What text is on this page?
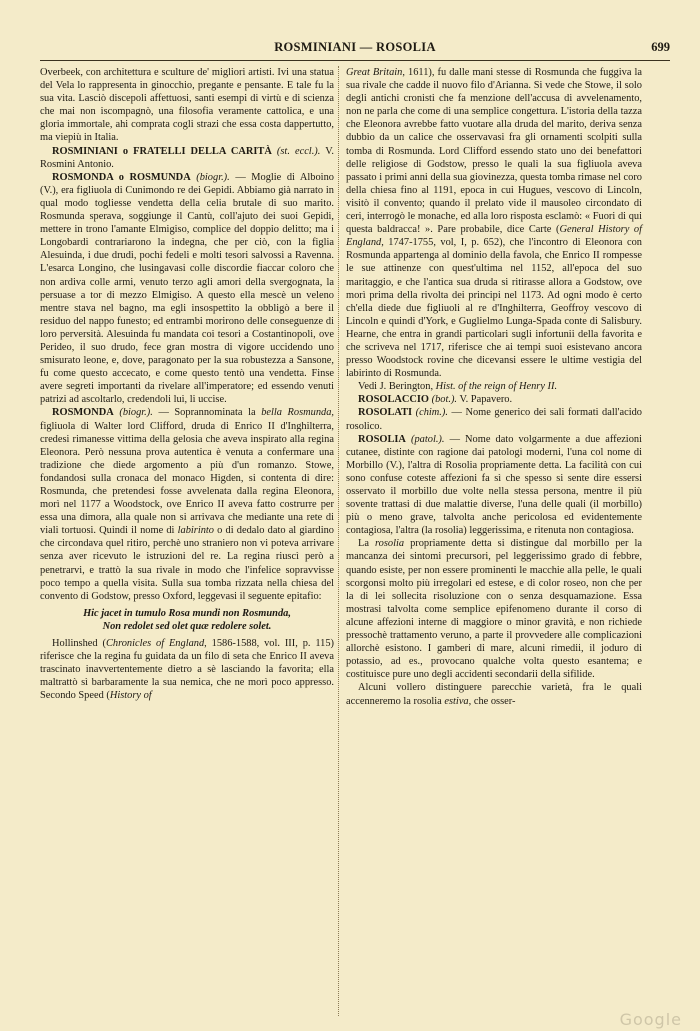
ROSMINIANI — ROSOLIA	699

Overbeek, con architettura e sculture de' migliori artisti. Ivi una statua del Vela lo rappresenta in ginocchio, pregante e pensante. E tale fu la sua vita. Lasciò discepoli affettuosi, santi esempi di virtù e di scienza che mai non iscompagnò, una filosofia veramente cattolica, e una gloria immortale, ahi comprata cogli strazi che essa costa dappertutto, ma viepiù in Italia.

ROSMINIANI o FRATELLI DELLA CARITÀ (st. eccl.). V. Rosmini Antonio.

ROSMONDA o ROSMUNDA (biogr.). — Moglie di Alboino (V.), era figliuola di Cunimondo re dei Gepidi. Abbiamo già narrato in qual modo togliesse vendetta della celia brutale di suo marito. Rosmunda sperava, soggiunge il Cantù, coll'ajuto dei suoi Gepidi, mettere in trono l'amante Elmigiso, complice del doppio delitto; ma i Longobardi contrariarono la indegna, che per ciò, con la figlia Alesuinda, i due drudi, pochi fedeli e molti tesori salvossi a Ravenna. L'esarca Longino, che lusingavasi colle discordie fiaccar coloro che non ardiva colle armi, venuto terzo agli amori della svergognata, la persuase a tor di mezzo Elmigiso. A questo ella mescè un veleno mentre stava nel bagno, ma egli insospettito la obbligò a bere il residuo del nappo funesto; ed entrambi morirono delle conseguenze di loro perversità. Alesuinda fu mandata coi tesori a Costantinopoli, ove Perideo, il suo drudo, fece gran mostra di vigore uccidendo uno smisurato leone, e, dove, paragonato per la sua robustezza a Sansone, fu come questo accecato, e come questo tentò una vendetta. Finse avere segreti importanti da rivelare all'imperatore; ed essendo venuti patrizi ad ascoltarlo, credendoli lui, li uccise.

ROSMONDA (biogr.). — Soprannominata la bella Rosmunda, figliuola di Walter lord Clifford, druda di Enrico II d'Inghilterra, credesi rimanesse vittima della gelosia che aveva inspirato alla regina Eleonora. Però nessuna prova autentica è venuta a confermare una tradizione che diede argomento a più d'un romanzo. Stowe, fondandosi sulla cronaca del monaco Higden, si contenta di dire: Rosmunda, che pretendesi fosse avvelenata dalla regina Eleonora, morì nel 1177 a Woodstock, ove Enrico II aveva fatto costrurre per essa una dimora, alla quale non si arrivava che mediante una rete di viali tortuosi. Quindi il nome di labirinto o di dedalo dato al giardino che circondava quel ritiro, perchè uno straniero non vi poteva arrivare senza aver ricevuto le istruzioni del re. La regina riuscì però a penetrarvi, e trattò la sua rivale in modo che l'infelice sopravvisse poco tempo a quella visita. Sulla sua tomba rizzata nella chiesa del convento di Godstow, presso Oxford, leggevasi il seguente epitafio:

Hic jacet in tumulo Rosa mundi non Rosmunda,
Non redolet sed olet quæ redolere solet.

Hollinshed (Chronicles of England, 1586-1588, vol. III, p. 115) riferisce che la regina fu guidata da un filo di seta che Enrico II aveva trascinato inavvertentemente dietro a sè lasciando la favorita; ella maltrattò sì barbaramente la sua nemica, che ne morì poco appresso. Secondo Speed (History of

Great Britain, 1611), fu dalle mani stesse di Rosmunda che fuggiva la sua rivale che cadde il nuovo filo d'Arianna. Si vede che Stowe, il solo degli antichi cronisti che fa menzione dell'accusa di avvelenamento, non ne parla che come di una semplice congettura. L'istoria della tazza che Eleonora avrebbe fatto vuotare alla druda del marito, deriva senza dubbio da un calice che osservavasi fra gli ornamenti scolpiti sulla tomba di Rosmunda. Lord Clifford essendo stato uno dei benefattori delle religiose di Godstow, presso le quali la sua figliuola aveva passato i primi anni della sua giovinezza, questa tomba rimase nel coro della chiesa fino al 1191, epoca in cui Hugues, vescovo di Lincoln, visitò il convento; quando il prelato vide il mausoleo circondato di ceri, interrogò le monache, ed alla loro risposta esclamò: « Fuori di qui questa baldracca! ». Pare probabile, dice Carte (General History of England, 1747-1755, vol, I, p. 652), che l'incontro di Eleonora con Rosmunda appartenga al dominio della favola, che Enrico II rompesse le sue attinenze con quest'ultima nel 1152, all'epoca del suo maritaggio, e che l'antica sua druda si ritirasse allora a Godstow, ove morì prima della rivolta dei principi nel 1173. Ad ogni modo è certo ch'ella diede due figliuoli al re d'Inghilterra, Geoffroy vescovo di Lincoln e quindi d'York, e Guglielmo Lunga-Spada conte di Salisbury. Hearne, che entra in grandi particolari sugli infortunii della favorita e che scriveva nel 1717, riferisce che ai tempi suoi esistevano ancora presso Woodstock rovine che dicevansi essere le ultime vestigia del labirinto di Rosmunda.

Vedi J. Berington, Hist. of the reign of Henry II.

ROSOLACCIO (bot.). V. Papavero.

ROSOLATI (chim.). — Nome generico dei sali formati dall'acido rosolico.

ROSOLIA (patol.). — Nome dato volgarmente a due affezioni cutanee, distinte con ragione dai patologi moderni, l'una col nome di Morbillo (V.), l'altra di Rosolia propriamente detta. La facilità con cui sono confuse coteste affezioni fa sì che spesso si sente dire essersi osservato il morbillo due volte nella stessa persona, mentre il più sovente trattasi di due malattie diverse, l'una delle quali (il morbillo) più o meno grave, talvolta anche pericolosa ed evidentemente contagiosa, l'altra (la rosolia) leggerissima, e ritenuta non contagiosa.

La rosolia propriamente detta si distingue dal morbillo per la mancanza dei sintomi precursori, pel leggerissimo grado di febbre, quando esiste, per non essere prominenti le macchie alla pelle, le quali scorgonsi molto più irregolari ed estese, e di color roseo, non che per la di lei sollecita risoluzione con o senza desquamazione. Essa mostrasi talvolta come semplice epifenomeno durante il corso di alcune affezioni interne di maggiore o minor gravità, e non richiede pressochè trattamento veruno, a parte il provvedere alle complicazioni allorchè esistono. I gamberi di mare, alcuni rimedii, il joduro di potassio, ad es., provocano qualche volta questo esantema; e costituisce pure uno degli accidenti secondarii della sifilide.

Alcuni vollero distinguere parecchie varietà, fra le quali accenneremo la rosolia estiva, che osser-

Google
